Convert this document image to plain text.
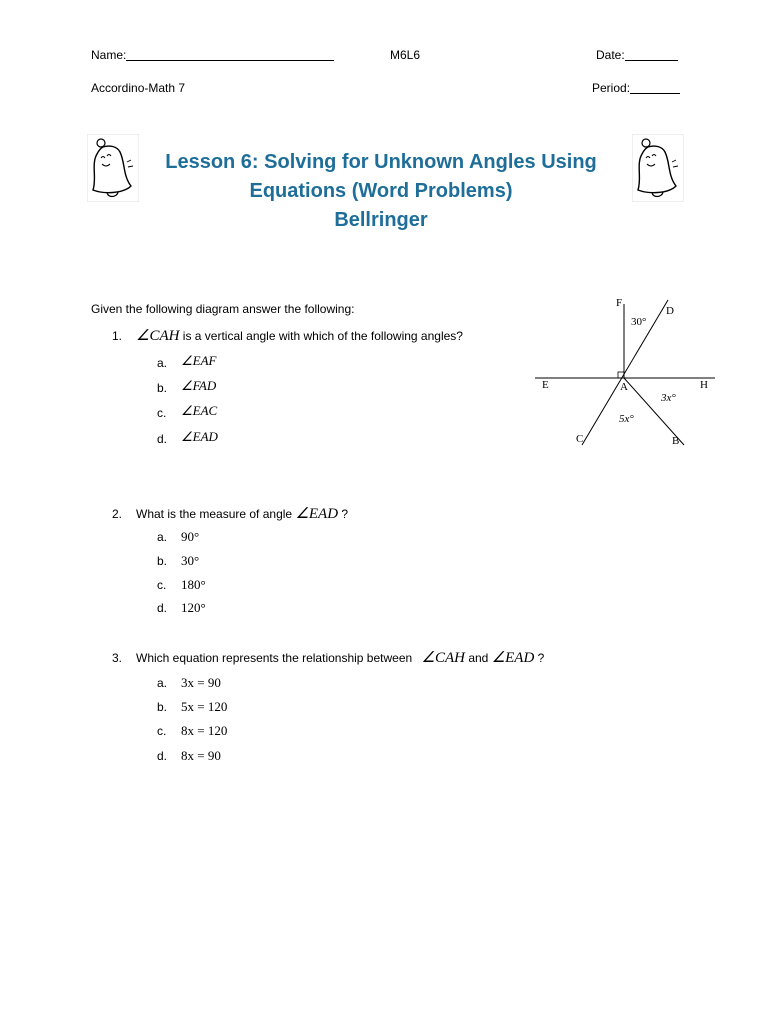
Name:	M6L6	Date:
Accordino-Math 7	Period:
Lesson 6: Solving for Unknown Angles Using
Equations (Word Problems)
Bellringer
Given the following diagram answer the following:
1. ∠CAH is a vertical angle with which of the following angles?
a. ∠EAF
b. ∠FAD
c. ∠EAC
d. ∠EAD
2. What is the measure of angle ∠EAD ?
a. 90°
b. 30°
c. 180°
d. 120°
3. Which equation represents the relationship between ∠CAH and ∠EAD ?
a. 3x = 90
b. 5x = 120
c. 8x = 120
d. 8x = 90
F
D
E	H
A
C	B
30°
3x°
5x°
